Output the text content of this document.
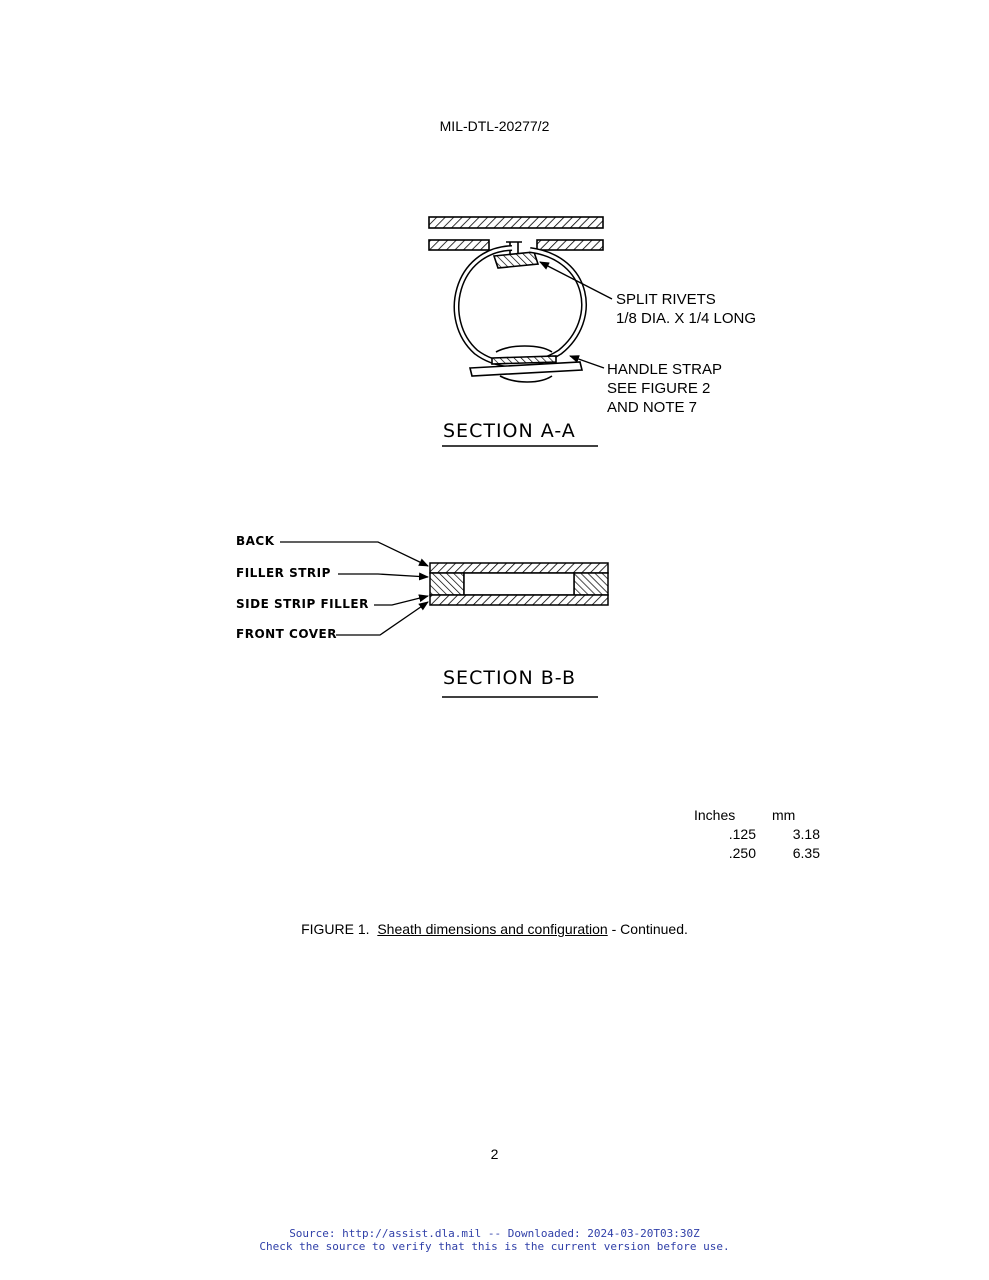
MIL-DTL-20277/2
SPLIT RIVETS
1/8 DIA. X 1/4 LONG
HANDLE STRAP
SEE FIGURE 2
AND NOTE 7
SECTION A-A
BACK
FILLER STRIP
SIDE STRIP FILLER
FRONT COVER
SECTION B-B
Inches	mm
.125	3.18
.250	6.35
FIGURE 1. Sheath dimensions and configuration - Continued.
2
Source: http://assist.dla.mil -- Downloaded: 2024-03-20T03:30Z
Check the source to verify that this is the current version before use.
